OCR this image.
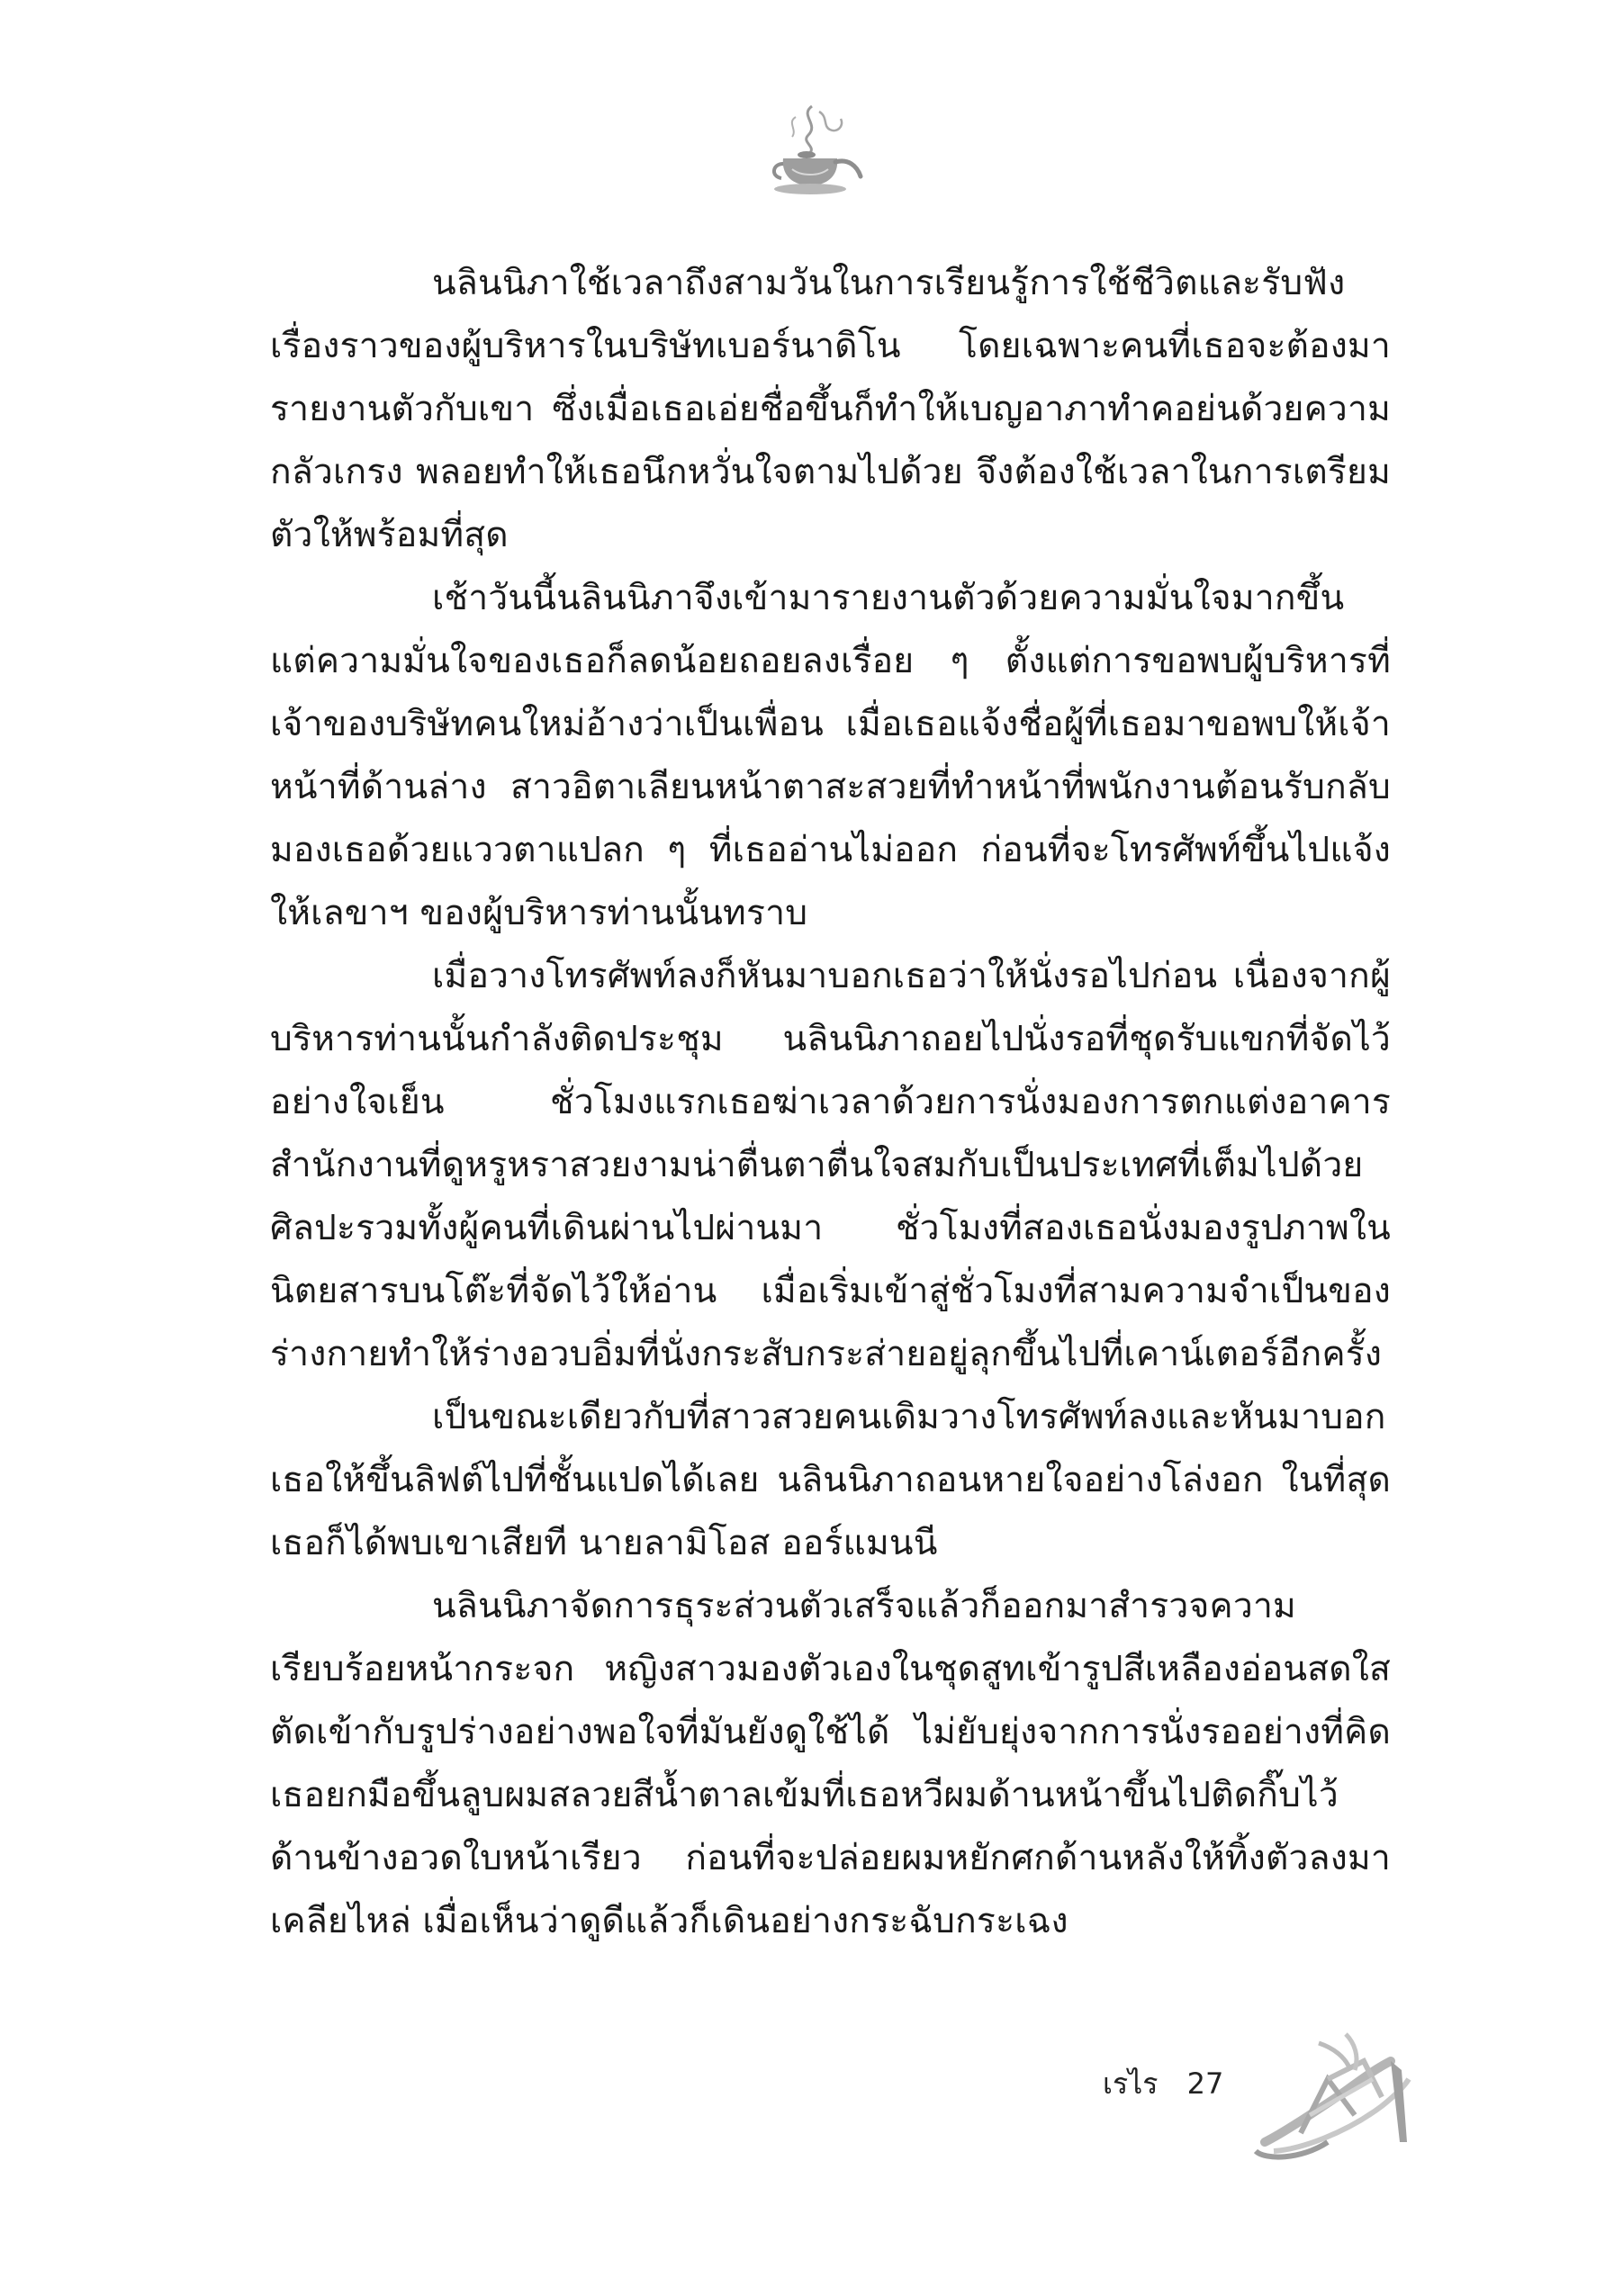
นลินนิภาใช้เวลาถึงสามวันในการเรียนรู้การใช้ชีวิตและรับฟังเรื่องราวของผู้บริหารในบริษัทเบอร์นาดิโน โดยเฉพาะคนที่เธอจะต้องมารายงานตัวกับเขา ซึ่งเมื่อเธอเอ่ยชื่อขึ้นก็ทำให้เบญอาภาทำคอย่นด้วยความกลัวเกรง พลอยทำให้เธอนึกหวั่นใจตามไปด้วย จึงต้องใช้เวลาในการเตรียมตัวให้พร้อมที่สุด

เช้าวันนี้นลินนิภาจึงเข้ามารายงานตัวด้วยความมั่นใจมากขึ้น แต่ความมั่นใจของเธอก็ลดน้อยถอยลงเรื่อย ๆ ตั้งแต่การขอพบผู้บริหารที่เจ้าของบริษัทคนใหม่อ้างว่าเป็นเพื่อน เมื่อเธอแจ้งชื่อผู้ที่เธอมาขอพบให้เจ้าหน้าที่ด้านล่าง สาวอิตาเลียนหน้าตาสะสวยที่ทำหน้าที่พนักงานต้อนรับกลับมองเธอด้วยแววตาแปลก ๆ ที่เธออ่านไม่ออก ก่อนที่จะโทรศัพท์ขึ้นไปแจ้งให้เลขาฯ ของผู้บริหารท่านนั้นทราบ

เมื่อวางโทรศัพท์ลงก็หันมาบอกเธอว่าให้นั่งรอไปก่อน เนื่องจากผู้บริหารท่านนั้นกำลังติดประชุม นลินนิภาถอยไปนั่งรอที่ชุดรับแขกที่จัดไว้อย่างใจเย็น ชั่วโมงแรกเธอฆ่าเวลาด้วยการนั่งมองการตกแต่งอาคารสำนักงานที่ดูหรูหราสวยงามน่าตื่นตาตื่นใจสมกับเป็นประเทศที่เต็มไปด้วยศิลปะรวมทั้งผู้คนที่เดินผ่านไปผ่านมา ชั่วโมงที่สองเธอนั่งมองรูปภาพในนิตยสารบนโต๊ะที่จัดไว้ให้อ่าน เมื่อเริ่มเข้าสู่ชั่วโมงที่สามความจำเป็นของร่างกายทำให้ร่างอวบอิ่มที่นั่งกระสับกระส่ายอยู่ลุกขึ้นไปที่เคาน์เตอร์อีกครั้ง

เป็นขณะเดียวกับที่สาวสวยคนเดิมวางโทรศัพท์ลงและหันมาบอกเธอให้ขึ้นลิฟต์ไปที่ชั้นแปดได้เลย นลินนิภาถอนหายใจอย่างโล่งอก ในที่สุดเธอก็ได้พบเขาเสียที นายลามิโอส ออร์แมนนี

นลินนิภาจัดการธุระส่วนตัวเสร็จแล้วก็ออกมาสำรวจความเรียบร้อยหน้ากระจก หญิงสาวมองตัวเองในชุดสูทเข้ารูปสีเหลืองอ่อนสดใสตัดเข้ากับรูปร่างอย่างพอใจที่มันยังดูใช้ได้ ไม่ยับยุ่งจากการนั่งรออย่างที่คิด เธอยกมือขึ้นลูบผมสลวยสีน้ำตาลเข้มที่เธอหวีผมด้านหน้าขึ้นไปติดกิ๊บไว้ด้านข้างอวดใบหน้าเรียว ก่อนที่จะปล่อยผมหยักศกด้านหลังให้ทิ้งตัวลงมาเคลียไหล่ เมื่อเห็นว่าดูดีแล้วก็เดินอย่างกระฉับกระเฉง

เรไร 27
